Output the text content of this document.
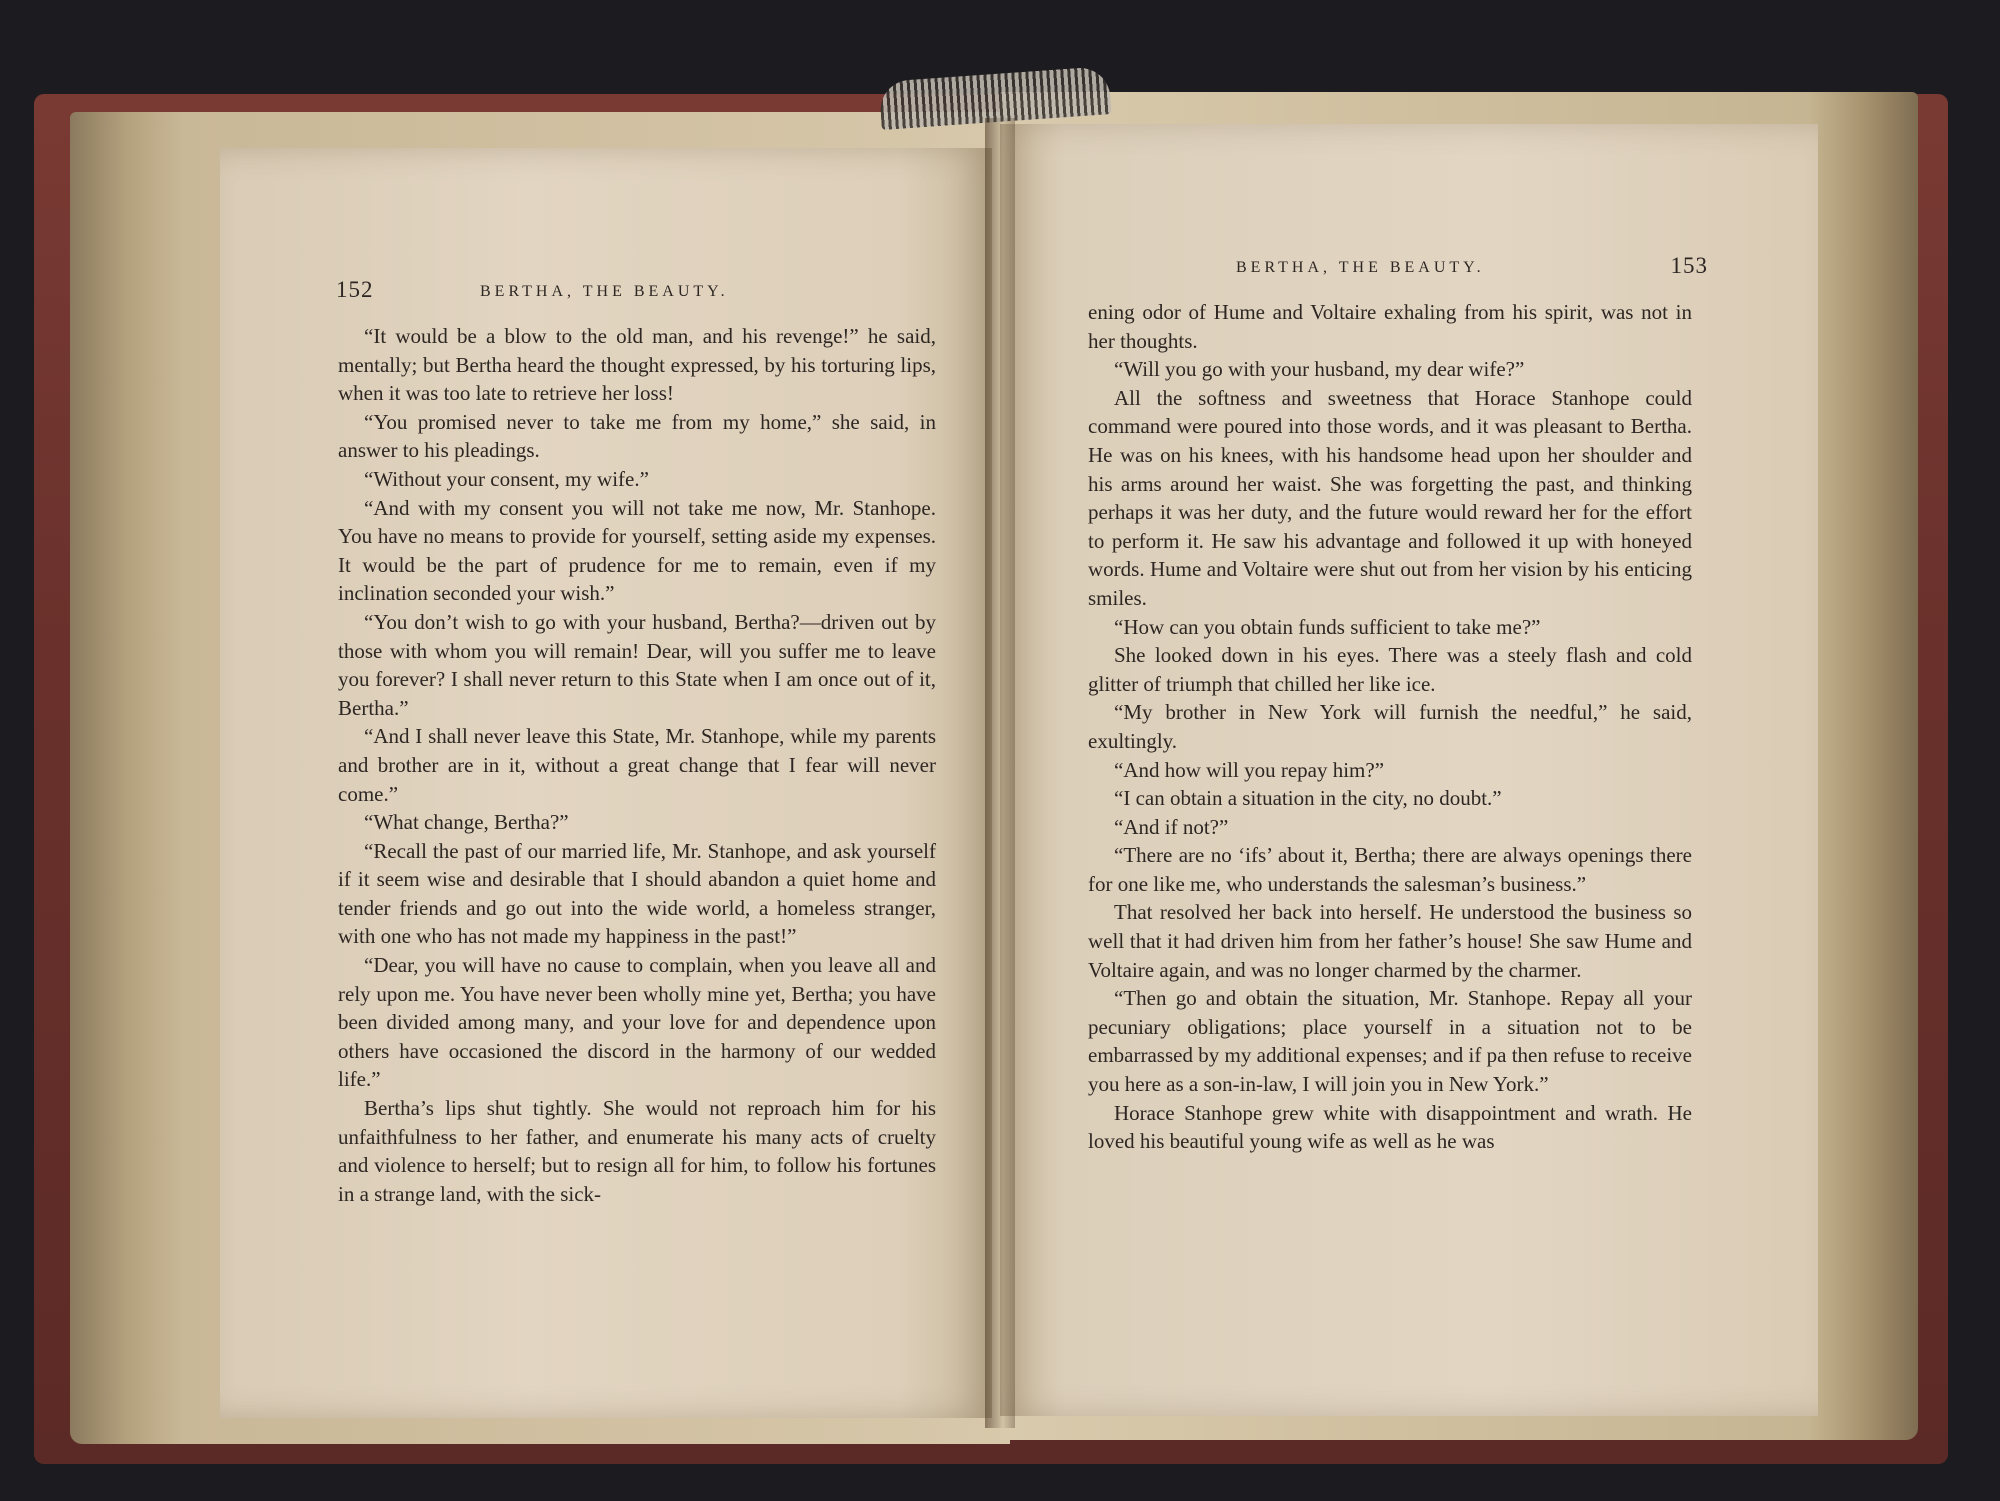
152	BERTHA, THE BEAUTY.

“It would be a blow to the old man, and his revenge!” he said, mentally; but Bertha heard the thought expressed, by his torturing lips, when it was too late to retrieve her loss!

“You promised never to take me from my home,” she said, in answer to his pleadings.

“Without your consent, my wife.”

“And with my consent you will not take me now, Mr. Stanhope. You have no means to provide for yourself, setting aside my expenses. It would be the part of prudence for me to remain, even if my inclination seconded your wish.”

“You don’t wish to go with your husband, Bertha?—driven out by those with whom you will remain! Dear, will you suffer me to leave you forever? I shall never return to this State when I am once out of it, Bertha.”

“And I shall never leave this State, Mr. Stanhope, while my parents and brother are in it, without a great change that I fear will never come.”

“What change, Bertha?”

“Recall the past of our married life, Mr. Stanhope, and ask yourself if it seem wise and desirable that I should abandon a quiet home and tender friends and go out into the wide world, a homeless stranger, with one who has not made my happiness in the past!”

“Dear, you will have no cause to complain, when you leave all and rely upon me. You have never been wholly mine yet, Bertha; you have been divided among many, and your love for and dependence upon others have occasioned the discord in the harmony of our wedded life.”

Bertha’s lips shut tightly. She would not reproach him for his unfaithfulness to her father, and enumerate his many acts of cruelty and violence to herself; but to resign all for him, to follow his fortunes in a strange land, with the sick-

BERTHA, THE BEAUTY.	153

ening odor of Hume and Voltaire exhaling from his spirit, was not in her thoughts.

“Will you go with your husband, my dear wife?”

All the softness and sweetness that Horace Stanhope could command were poured into those words, and it was pleasant to Bertha. He was on his knees, with his handsome head upon her shoulder and his arms around her waist. She was forgetting the past, and thinking perhaps it was her duty, and the future would reward her for the effort to perform it. He saw his advantage and followed it up with honeyed words. Hume and Voltaire were shut out from her vision by his enticing smiles.

“How can you obtain funds sufficient to take me?”

She looked down in his eyes. There was a steely flash and cold glitter of triumph that chilled her like ice.

“My brother in New York will furnish the needful,” he said, exultingly.

“And how will you repay him?”

“I can obtain a situation in the city, no doubt.”

“And if not?”

“There are no ‘ifs’ about it, Bertha; there are always openings there for one like me, who understands the salesman’s business.”

That resolved her back into herself. He understood the business so well that it had driven him from her father’s house! She saw Hume and Voltaire again, and was no longer charmed by the charmer.

“Then go and obtain the situation, Mr. Stanhope. Repay all your pecuniary obligations; place yourself in a situation not to be embarrassed by my additional expenses; and if pa then refuse to receive you here as a son-in-law, I will join you in New York.”

Horace Stanhope grew white with disappointment and wrath. He loved his beautiful young wife as well as he was
